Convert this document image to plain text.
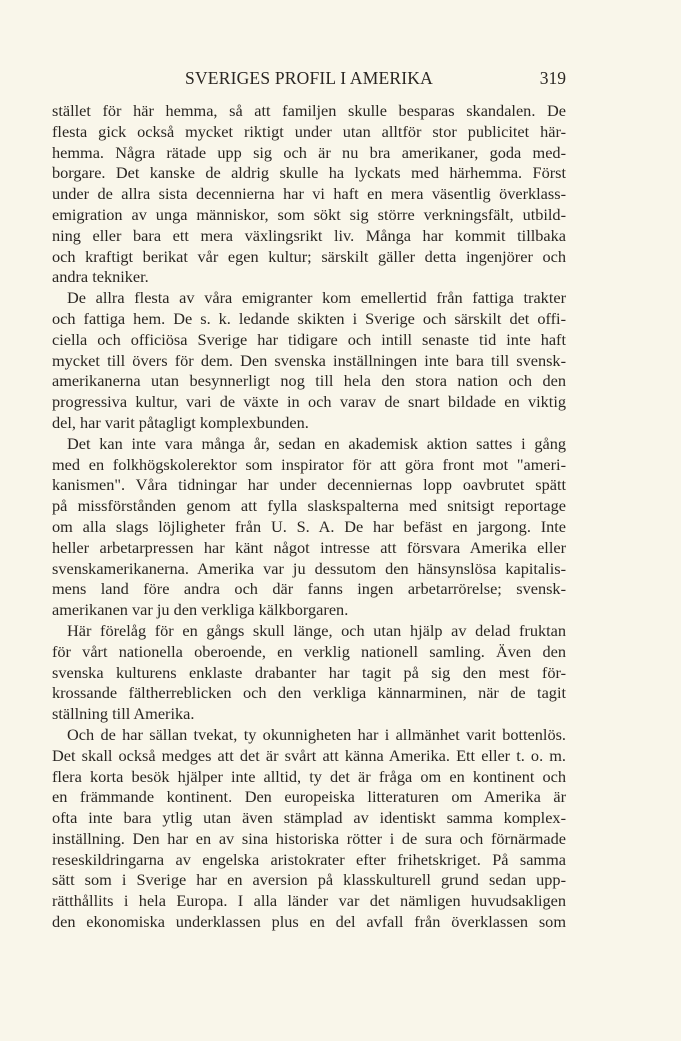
SVERIGES PROFIL I AMERIKA	319
stället för här hemma, så att familjen skulle besparas skandalen. De
flesta gick också mycket riktigt under utan alltför stor publicitet här-
hemma. Några rätade upp sig och är nu bra amerikaner, goda med-
borgare. Det kanske de aldrig skulle ha lyckats med härhemma. Först
under de allra sista decennierna har vi haft en mera väsentlig överklass-
emigration av unga människor, som sökt sig större verkningsfält, utbild-
ning eller bara ett mera växlingsrikt liv. Många har kommit tillbaka
och kraftigt berikat vår egen kultur; särskilt gäller detta ingenjörer och
andra tekniker.
De allra flesta av våra emigranter kom emellertid från fattiga trakter
och fattiga hem. De s. k. ledande skikten i Sverige och särskilt det offi-
ciella och officiösa Sverige har tidigare och intill senaste tid inte haft
mycket till övers för dem. Den svenska inställningen inte bara till svensk-
amerikanerna utan besynnerligt nog till hela den stora nation och den
progressiva kultur, vari de växte in och varav de snart bildade en viktig
del, har varit påtagligt komplexbunden.
Det kan inte vara många år, sedan en akademisk aktion sattes i gång
med en folkhögskolerektor som inspirator för att göra front mot "ameri-
kanismen". Våra tidningar har under decenniernas lopp oavbrutet spätt
på missförstånden genom att fylla slaskspalterna med snitsigt reportage
om alla slags löjligheter från U. S. A. De har befäst en jargong. Inte
heller arbetarpressen har känt något intresse att försvara Amerika eller
svenskamerikanerna. Amerika var ju dessutom den hänsynslösa kapitalis-
mens land före andra och där fanns ingen arbetarrörelse; svensk-
amerikanen var ju den verkliga kälkborgaren.
Här förelåg för en gångs skull länge, och utan hjälp av delad fruktan
för vårt nationella oberoende, en verklig nationell samling. Även den
svenska kulturens enklaste drabanter har tagit på sig den mest för-
krossande fältherreblicken och den verkliga kännarminen, när de tagit
ställning till Amerika.
Och de har sällan tvekat, ty okunnigheten har i allmänhet varit bottenlös.
Det skall också medges att det är svårt att känna Amerika. Ett eller t. o. m.
flera korta besök hjälper inte alltid, ty det är fråga om en kontinent och
en främmande kontinent. Den europeiska litteraturen om Amerika är
ofta inte bara ytlig utan även stämplad av identiskt samma komplex-
inställning. Den har en av sina historiska rötter i de sura och förnärmade
reseskildringarna av engelska aristokrater efter frihetskriget. På samma
sätt som i Sverige har en aversion på klasskulturell grund sedan upp-
rätthållits i hela Europa. I alla länder var det nämligen huvudsakligen
den ekonomiska underklassen plus en del avfall från överklassen som
